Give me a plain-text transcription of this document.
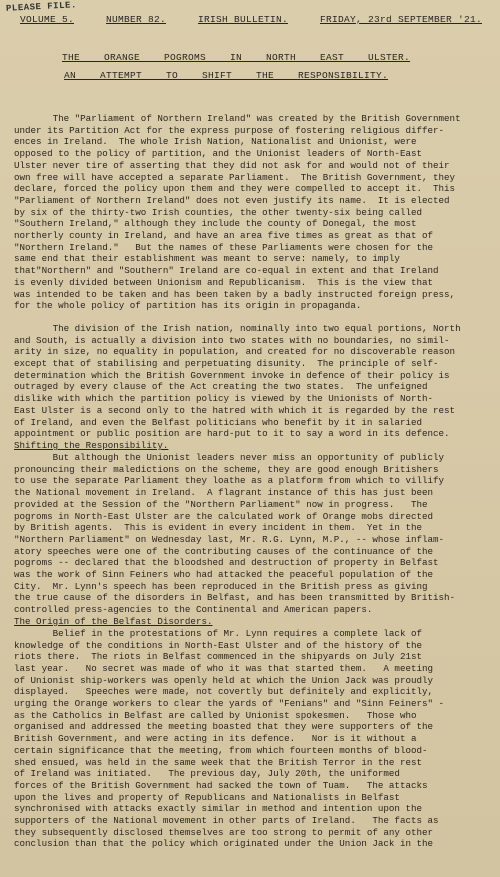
PLEASE FILE.
VOLUME 5.	NUMBER 82.	IRISH BULLETIN.	FRIDAY, 23rd SEPTEMBER '21.
THE    ORANGE    POGROMS    IN    NORTH    EAST    ULSTER.
AN    ATTEMPT    TO    SHIFT    THE    RESPONSIBILITY.

The "Parliament of Northern Ireland" was created by the British Government
under its Partition Act for the express purpose of fostering religious differ-
ences in Ireland.  The whole Irish Nation, Nationalist and Unionist, were
opposed to the policy of partition, and the Unionist leaders of North-East
Ulster never tire of asserting that they did not ask for and would not of their
own free will have accepted a separate Parliament.  The British Government, they
declare, forced the policy upon them and they were compelled to accept it.  This
"Parliament of Northern Ireland" does not even justify its name.  It is elected
by six of the thirty-two Irish counties, the other twenty-six being called
"Southern Ireland," although they include the county of Donegal, the most
northerly county in Ireland, and have an area five times as great as that of
"Northern Ireland."   But the names of these Parliaments were chosen for the
same end that their establishment was meant to serve: namely, to imply
that"Northern" and "Southern" Ireland are co-equal in extent and that Ireland
is evenly divided between Unionism and Republicanism.  This is the view that
was intended to be taken and has been taken by a badly instructed foreign press,
for the whole policy of partition has its origin in propaganda.

The division of the Irish nation, nominally into two equal portions, North
and South, is actually a division into two states with no boundaries, no simil-
arity in size, no equality in population, and created for no discoverable reason
except that of stabilising and perpetuating disunity.  The principle of self-
determination which the British Government invoke in defence of their policy is
outraged by every clause of the Act creating the two states.  The unfeigned
dislike with which the partition policy is viewed by the Unionists of North-
East Ulster is a second only to the hatred with which it is regarded by the rest
of Ireland, and even the Belfast politicians who benefit by it in salaried
appointment or public position are hard-put to it to say a word in its defence.

Shifting the Responsibility.

But although the Unionist leaders never miss an opportunity of publicly
pronouncing their maledictions on the scheme, they are good enough Britishers
to use the separate Parliament they loathe as a platform from which to villify
the National movement in Ireland.  A flagrant instance of this has just been
provided at the Session of the "Northern Parliament" now in progress.   The
pogroms in North-East Ulster are the calculated work of Orange mobs directed
by British agents.  This is evident in every incident in them.  Yet in the
"Northern Parliament" on Wednesday last, Mr. R.G. Lynn, M.P., -- whose inflam-
atory speeches were one of the contributing causes of the continuance of the
pogroms -- declared that the bloodshed and destruction of property in Belfast
was the work of Sinn Feiners who had attacked the peaceful population of the
City.  Mr. Lynn's speech has been reproduced in the British press as giving
the true cause of the disorders in Belfast, and has been transmitted by British-
controlled press-agencies to the Continental and American papers.

The Origin of the Belfast Disorders.

Belief in the protestations of Mr. Lynn requires a complete lack of
knowledge of the conditions in North-East Ulster and of the history of the
riots there.  The riots in Belfast commenced in the shipyards on July 21st
last year.   No secret was made of who it was that started them.   A meeting
of Unionist ship-workers was openly held at which the Union Jack was proudly
displayed.   Speeches were made, not covertly but definitely and explicitly,
urging the Orange workers to clear the yards of "Fenians" and "Sinn Feiners" -
as the Catholics in Belfast are called by Unionist spokesmen.   Those who
organised and addressed the meeting boasted that they were supporters of the
British Government, and were acting in its defence.   Nor is it without a
certain significance that the meeting, from which fourteen months of blood-
shed ensued, was held in the same week that the British Terror in the rest
of Ireland was initiated.   The previous day, July 20th, the uniformed
forces of the British Government had sacked the town of Tuam.   The attacks
upon the lives and property of Republicans and Nationalists in Belfast
synchronised with attacks exactly similar in method and intention upon the
supporters of the National movement in other parts of Ireland.   The facts as
they subsequently disclosed themselves are too strong to permit of any other
conclusion than that the policy which originated under the Union Jack in the
